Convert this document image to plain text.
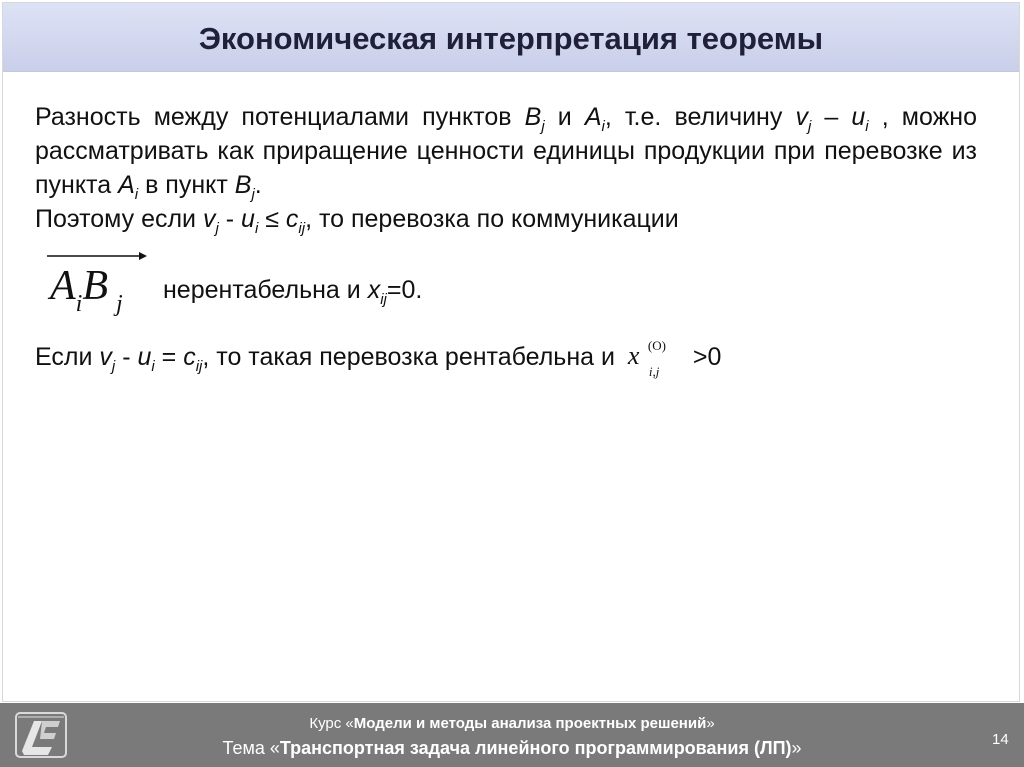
Экономическая интерпретация теоремы
Разность между потенциалами пунктов $B_j$ и $A_i$, т.е. величину $v_j - u_i$ , можно рассматривать как приращение ценности единицы продукции при перевозке из пункта $A_i$ в пункт $B_j$.
Поэтому если $v_j - u_i \le c_{ij}$, то перевозка по коммуникации
$A_iB$ $_j$ нерентабельна и $x_{ij}=0$.
Если $v_j - u_i = c_{ij}$, то такая перевозка рентабельна и x (O)
i,j
>0
Курс «Модели и методы анализа проектных решений»
Тема «Транспортная задача линейного программирования (ЛП)»	14
